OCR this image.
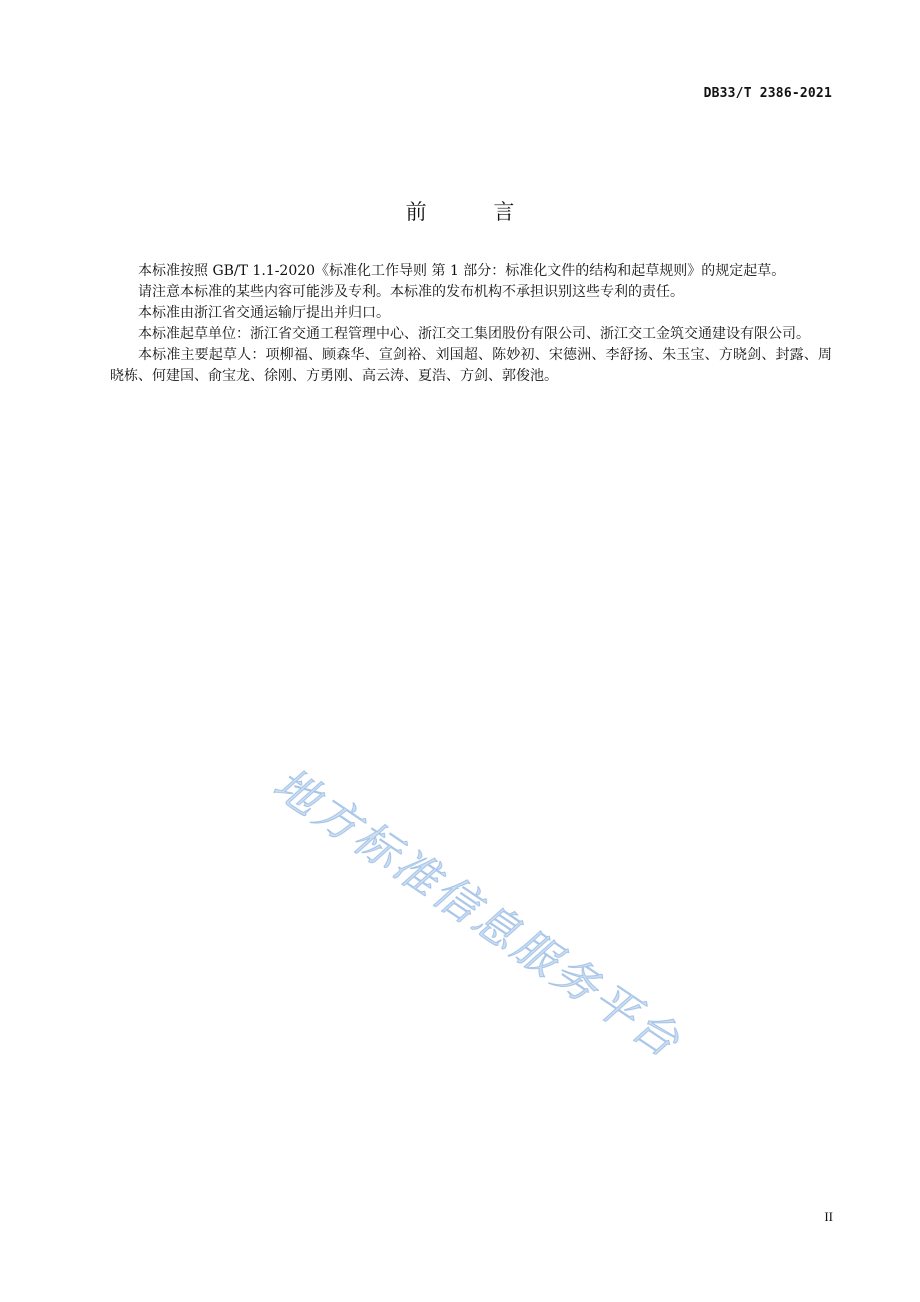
DB33/T 2386-2021
前 言

本标准按照 GB/T 1.1-2020《标准化工作导则 第 1 部分：标准化文件的结构和起草规则》的规定起草。

请注意本标准的某些内容可能涉及专利。本标准的发布机构不承担识别这些专利的责任。

本标准由浙江省交通运输厅提出并归口。

本标准起草单位：浙江省交通工程管理中心、浙江交工集团股份有限公司、浙江交工金筑交通建设有限公司。

本标准主要起草人：项柳福、顾森华、宣剑裕、刘国超、陈妙初、宋德洲、李舒扬、朱玉宝、方晓剑、封露、周晓栋、何建国、俞宝龙、徐刚、方勇刚、高云涛、夏浩、方剑、郭俊池。

地方标准信息服务平台
II
